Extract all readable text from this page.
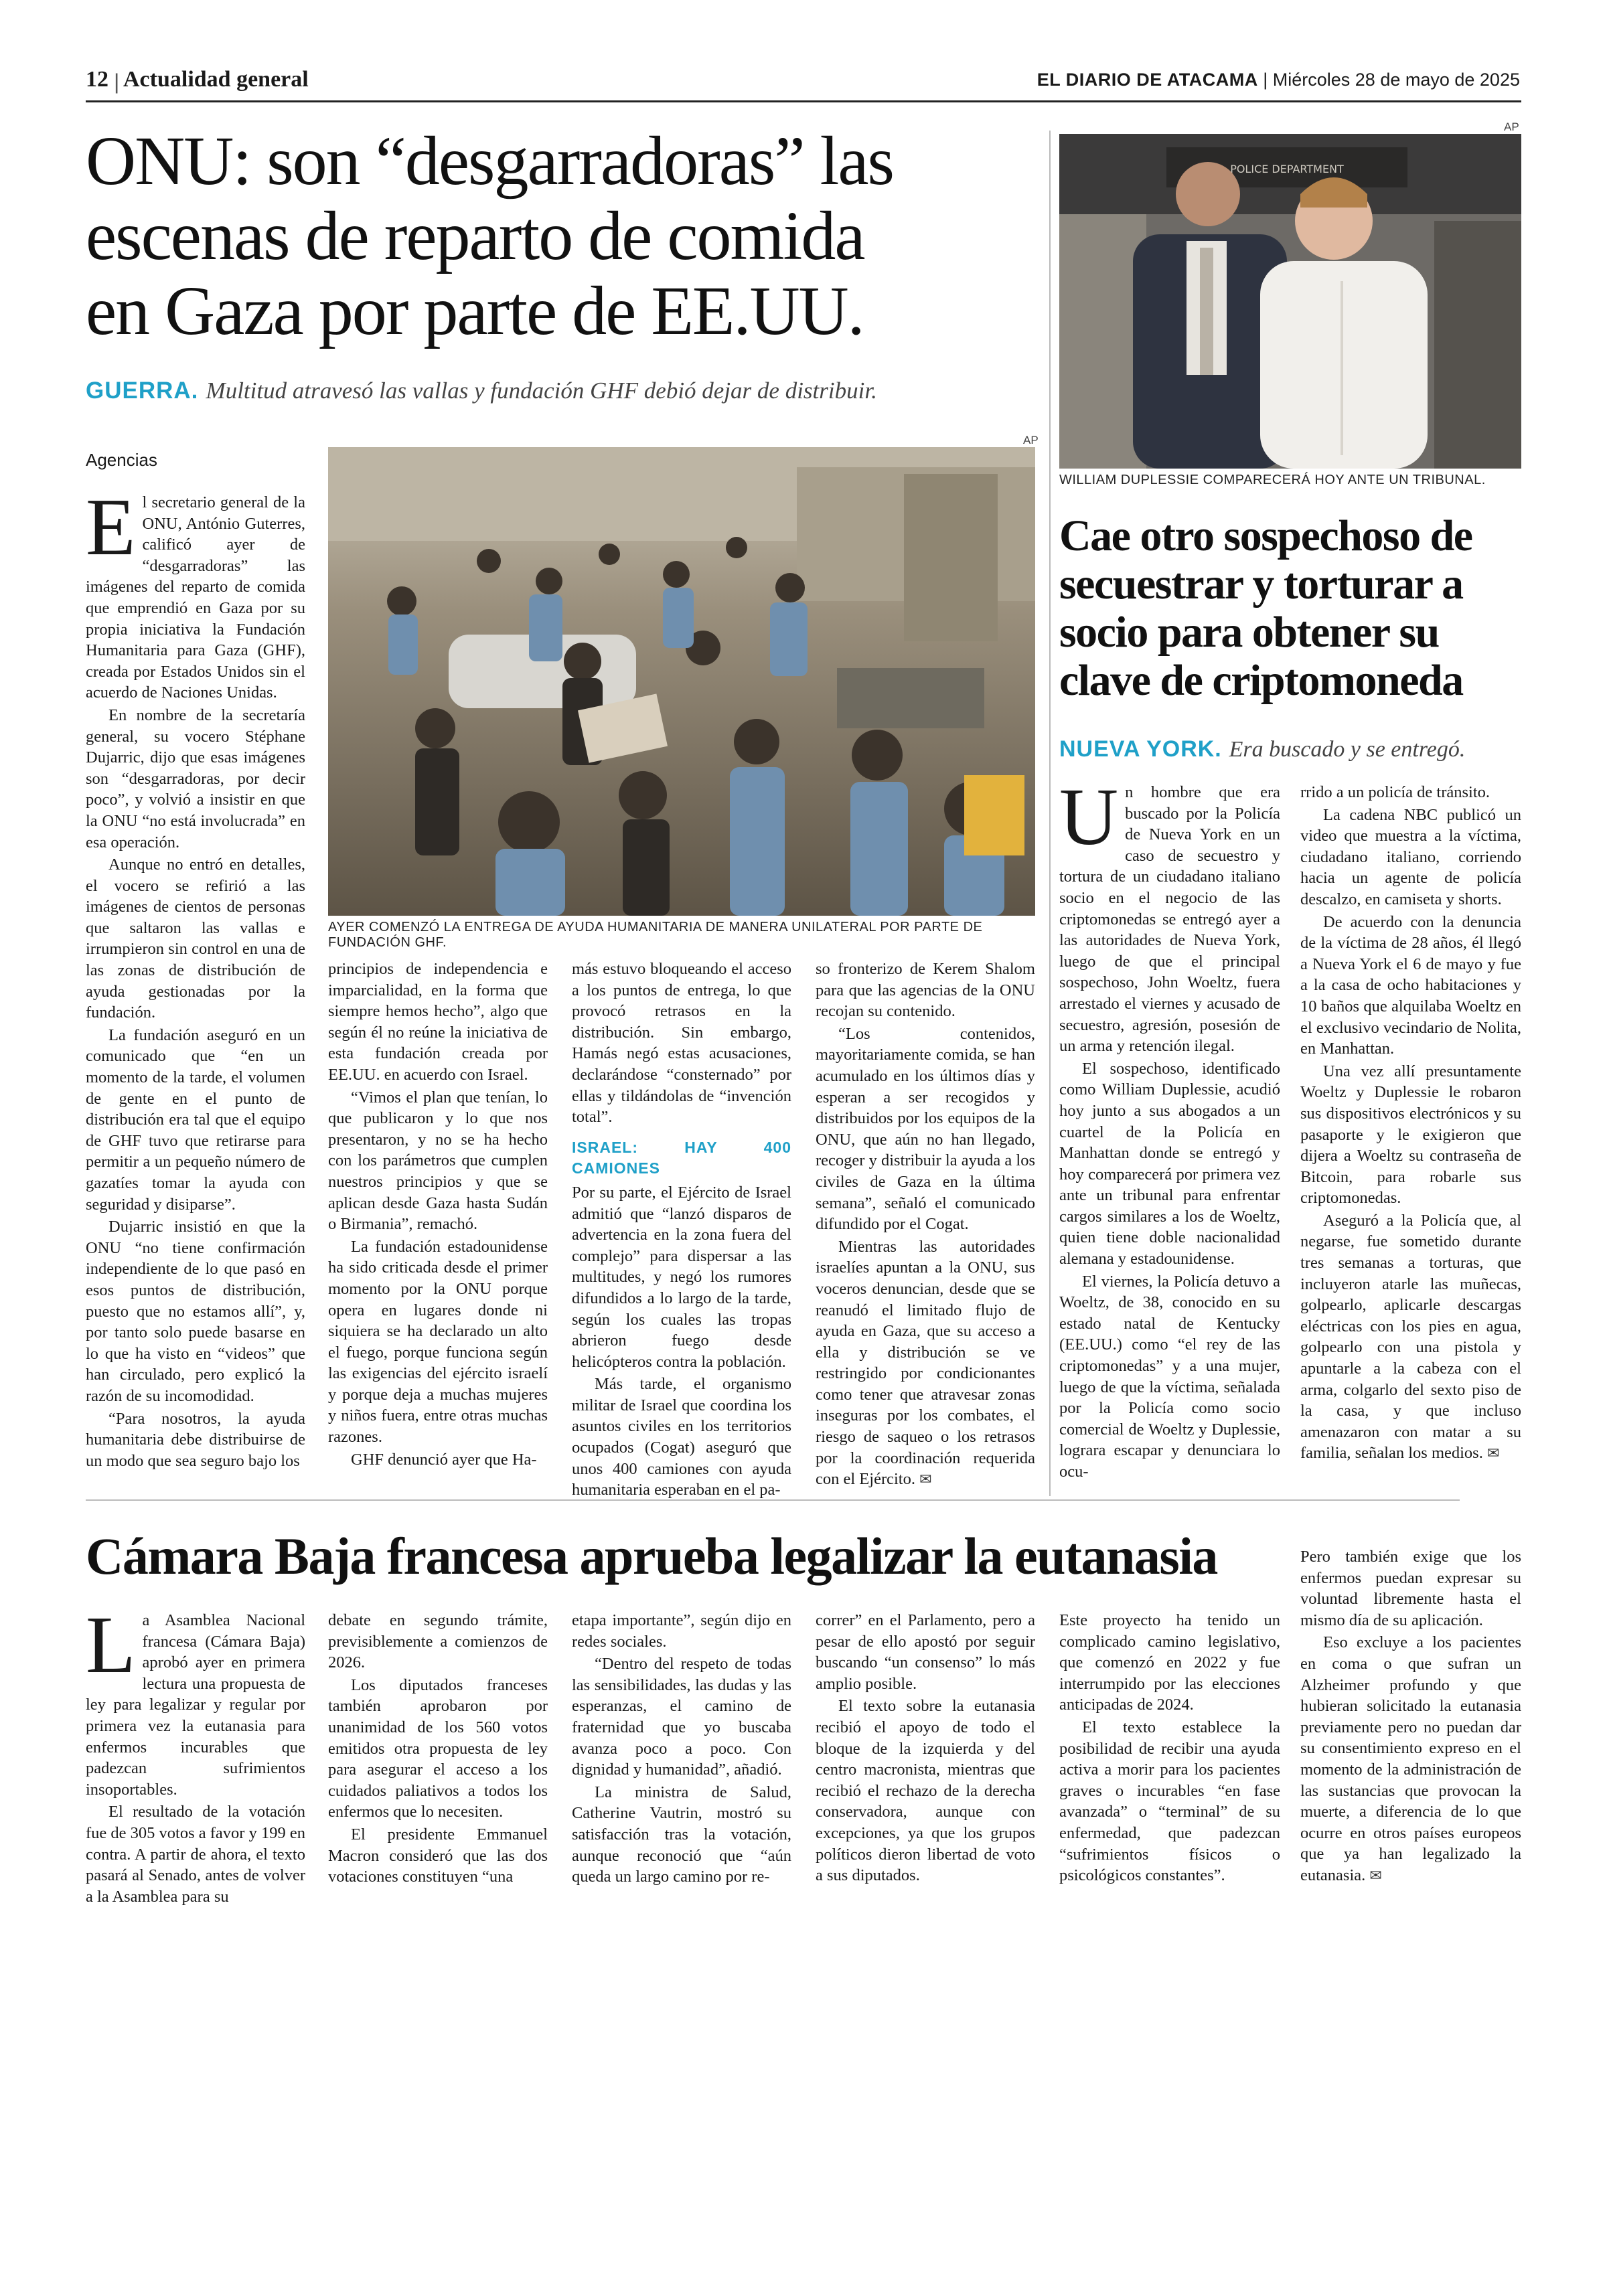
12 | Actualidad general	EL DIARIO DE ATACAMA | Miércoles 28 de mayo de 2025
ONU: son “desgarradoras” las
escenas de reparto de comida
en Gaza por parte de EE.UU.
GUERRA. Multitud atravesó las vallas y fundación GHF debió dejar de distribuir.
Agencias

El secretario general de la ONU, António Guterres, calificó ayer de “desgarradoras” las imágenes del reparto de comida que emprendió en Gaza por su propia iniciativa la Fundación Humanitaria para Gaza (GHF), creada por Estados Unidos sin el acuerdo de Naciones Unidas.

En nombre de la secretaría general, su vocero Stéphane Dujarric, dijo que esas imágenes son “desgarradoras, por decir poco”, y volvió a insistir en que la ONU “no está involucrada” en esa operación.

Aunque no entró en detalles, el vocero se refirió a las imágenes de cientos de personas que saltaron las vallas e irrumpieron sin control en una de las zonas de distribución de ayuda gestionadas por la fundación.

La fundación aseguró en un comunicado que “en un momento de la tarde, el volumen de gente en el punto de distribución era tal que el equipo de GHF tuvo que retirarse para permitir a un pequeño número de gazatíes tomar la ayuda con seguridad y disiparse”.

Dujarric insistió en que la ONU “no tiene confirmación independiente de lo que pasó en esos puntos de distribución, puesto que no estamos allí”, y, por tanto solo puede basarse en lo que ha visto en “videos” que han circulado, pero explicó la razón de su incomodidad.

“Para nosotros, la ayuda humanitaria debe distribuirse de un modo que sea seguro bajo los

AP
AYER COMENZÓ LA ENTREGA DE AYUDA HUMANITARIA DE MANERA UNILATERAL POR PARTE DE FUNDACIÓN GHF.

principios de independencia e imparcialidad, en la forma que siempre hemos hecho”, algo que según él no reúne la iniciativa de esta fundación creada por EE.UU. en acuerdo con Israel.

“Vimos el plan que tenían, lo que publicaron y lo que nos presentaron, y no se ha hecho con los parámetros que cumplen nuestros principios y que se aplican desde Gaza hasta Sudán o Birmania”, remachó.

La fundación estadounidense ha sido criticada desde el primer momento por la ONU porque opera en lugares donde ni siquiera se ha declarado un alto el fuego, porque funciona según las exigencias del ejército israelí y porque deja a muchas mujeres y niños fuera, entre otras muchas razones.

GHF denunció ayer que Ha-

más estuvo bloqueando el acceso a los puntos de entrega, lo que provocó retrasos en la distribución. Sin embargo, Hamás negó estas acusaciones, declarándose “consternado” por ellas y tildándolas de “invención total”.

ISRAEL: HAY 400 CAMIONES

Por su parte, el Ejército de Israel admitió que “lanzó disparos de advertencia en la zona fuera del complejo” para dispersar a las multitudes, y negó los rumores difundidos a lo largo de la tarde, según los cuales las tropas abrieron fuego desde helicópteros contra la población.

Más tarde, el organismo militar de Israel que coordina los asuntos civiles en los territorios ocupados (Cogat) aseguró que unos 400 camiones con ayuda humanitaria esperaban en el pa-

so fronterizo de Kerem Shalom para que las agencias de la ONU recojan su contenido.

“Los contenidos, mayoritariamente comida, se han acumulado en los últimos días y esperan a ser recogidos y distribuidos por los equipos de la ONU, que aún no han llegado, recoger y distribuir la ayuda a los civiles de Gaza en la última semana”, señaló el comunicado difundido por el Cogat.

Mientras las autoridades israelíes apuntan a la ONU, sus voceros denuncian, desde que se reanudó el limitado flujo de ayuda en Gaza, que su acceso a ella y distribución se ve restringido por condicionantes como tener que atravesar zonas inseguras por los combates, el riesgo de saqueo o los retrasos por la coordinación requerida con el Ejército. ✉

AP
POLICE DEPARTMENT
WILLIAM DUPLESSIE COMPARECERÁ HOY ANTE UN TRIBUNAL.
Cae otro sospechoso de
secuestrar y torturar a
socio para obtener su
clave de criptomoneda
NUEVA YORK. Era buscado y se entregó.

Un hombre que era buscado por la Policía de Nueva York en un caso de secuestro y tortura de un ciudadano italiano socio en el negocio de las criptomonedas se entregó ayer a las autoridades de Nueva York, luego de que el principal sospechoso, John Woeltz, fuera arrestado el viernes y acusado de secuestro, agresión, posesión de un arma y retención ilegal.

El sospechoso, identificado como William Duplessie, acudió hoy junto a sus abogados a un cuartel de la Policía en Manhattan donde se entregó y hoy comparecerá por primera vez ante un tribunal para enfrentar cargos similares a los de Woeltz, quien tiene doble nacionalidad alemana y estadounidense.

El viernes, la Policía detuvo a Woeltz, de 38, conocido en su estado natal de Kentucky (EE.UU.) como “el rey de las criptomonedas” y a una mujer, luego de que la víctima, señalada por la Policía como socio comercial de Woeltz y Duplessie, lograra escapar y denunciara lo ocu-

rrido a un policía de tránsito.

La cadena NBC publicó un video que muestra a la víctima, ciudadano italiano, corriendo hacia un agente de policía descalzo, en camiseta y shorts.

De acuerdo con la denuncia de la víctima de 28 años, él llegó a Nueva York el 6 de mayo y fue a la casa de ocho habitaciones y 10 baños que alquilaba Woeltz en el exclusivo vecindario de Nolita, en Manhattan.

Una vez allí presuntamente Woeltz y Duplessie le robaron sus dispositivos electrónicos y su pasaporte y le exigieron que dijera a Woeltz su contraseña de Bitcoin, para robarle sus criptomonedas.

Aseguró a la Policía que, al negarse, fue sometido durante tres semanas a torturas, que incluyeron atarle las muñecas, golpearlo, aplicarle descargas eléctricas con los pies en agua, golpearlo con una pistola y apuntarle a la cabeza con el arma, colgarlo del sexto piso de la casa, y que incluso amenazaron con matar a su familia, señalan los medios. ✉

Cámara Baja francesa aprueba legalizar la eutanasia

La Asamblea Nacional francesa (Cámara Baja) aprobó ayer en primera lectura una propuesta de ley para legalizar y regular por primera vez la eutanasia para enfermos incurables que padezcan sufrimientos insoportables.

El resultado de la votación fue de 305 votos a favor y 199 en contra. A partir de ahora, el texto pasará al Senado, antes de volver a la Asamblea para su

debate en segundo trámite, previsiblemente a comienzos de 2026.

Los diputados franceses también aprobaron por unanimidad de los 560 votos emitidos otra propuesta de ley para asegurar el acceso a los cuidados paliativos a todos los enfermos que lo necesiten.

El presidente Emmanuel Macron consideró que las dos votaciones constituyen “una

etapa importante”, según dijo en redes sociales.

“Dentro del respeto de todas las sensibilidades, las dudas y las esperanzas, el camino de fraternidad que yo buscaba avanza poco a poco. Con dignidad y humanidad”, añadió.

La ministra de Salud, Catherine Vautrin, mostró su satisfacción tras la votación, aunque reconoció que “aún queda un largo camino por re-

correr” en el Parlamento, pero a pesar de ello apostó por seguir buscando “un consenso” lo más amplio posible.

El texto sobre la eutanasia recibió el apoyo de todo el bloque de la izquierda y del centro macronista, mientras que recibió el rechazo de la derecha conservadora, aunque con excepciones, ya que los grupos políticos dieron libertad de voto a sus diputados.

Este proyecto ha tenido un complicado camino legislativo, que comenzó en 2022 y fue interrumpido por las elecciones anticipadas de 2024.

El texto establece la posibilidad de recibir una ayuda activa a morir para los pacientes graves o incurables “en fase avanzada” o “terminal” de su enfermedad, que padezcan “sufrimientos físicos o psicológicos constantes”.

Pero también exige que los enfermos puedan expresar su voluntad libremente hasta el mismo día de su aplicación.

Eso excluye a los pacientes en coma o que sufran un Alzheimer profundo y que hubieran solicitado la eutanasia previamente pero no puedan dar su consentimiento expreso en el momento de la administración de las sustancias que provocan la muerte, a diferencia de lo que ocurre en otros países europeos que ya han legalizado la eutanasia. ✉
